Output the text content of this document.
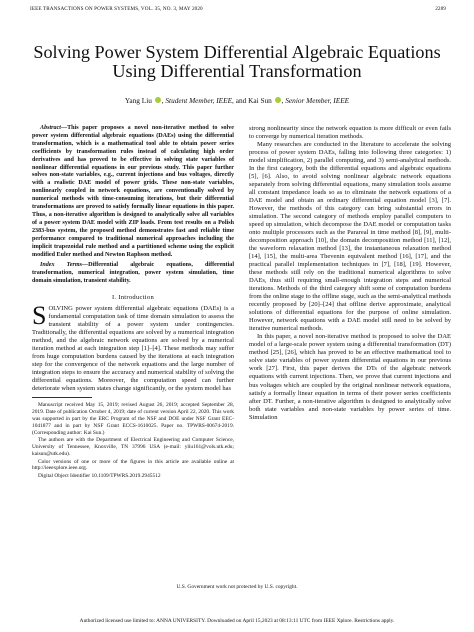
IEEE TRANSACTIONS ON POWER SYSTEMS, VOL. 35, NO. 3, MAY 2020	2289
Solving Power System Differential Algebraic Equations Using Differential Transformation
Yang Liu , Student Member, IEEE, and Kai Sun , Senior Member, IEEE

Abstract—This paper proposes a novel non-iterative method to solve power system differential algebraic equations (DAEs) using the differential transformation, which is a mathematical tool able to obtain power series coefficients by transformation rules instead of calculating high order derivatives and has proved to be effective in solving state variables of nonlinear differential equations in our previous study. This paper further solves non-state variables, e.g., current injections and bus voltages, directly with a realistic DAE model of power grids. These non-state variables, nonlinearly coupled in network equations, are conventionally solved by numerical methods with time-consuming iterations, but their differential transformations are proved to satisfy formally linear equations in this paper. Thus, a non-iterative algorithm is designed to analytically solve all variables of a power system DAE model with ZIP loads. From test results on a Polish 2383-bus system, the proposed method demonstrates fast and reliable time performance compared to traditional numerical approaches including the implicit trapezoidal rule method and a partitioned scheme using the explicit modified Euler method and Newton Raphson method.

Index Terms—Differential algebraic equations, differential transformation, numerical integration, power system simulation, time domain simulation, transient stability.

I. Introduction

SOLVING power system differential algebraic equations (DAEs) is a fundamental computation task of time domain simulation to assess the transient stability of a power system under contingencies. Traditionally, the differential equations are solved by a numerical integration method, and the algebraic network equations are solved by a numerical iteration method at each integration step [1]–[4]. These methods may suffer from huge computation burdens caused by the iterations at each integration step for the convergence of the network equations and the large number of integration steps to ensure the accuracy and numerical stability of solving the differential equations. Moreover, the computation speed can further deteriorate when system states change significantly, or the system model has

Manuscript received May 15, 2019; revised August 26, 2019; accepted September 28, 2019. Date of publication October 4, 2019; date of current version April 22, 2020. This work was supported in part by the ERC Program of the NSF and DOE under NSF Grant EEC-1041877 and in part by NSF Grant ECCS-1610025. Paper no. TPWRS-00674-2019. (Corresponding author: Kai Sun.)

The authors are with the Department of Electrical Engineering and Computer Science, University of Tennessee, Knoxville, TN 37996 USA (e-mail: yliu161@vols.utk.edu; kaisun@utk.edu).

Color versions of one or more of the figures in this article are available online at http://ieeexplore.ieee.org.

Digital Object Identifier 10.1109/TPWRS.2019.2945512

strong nonlinearity since the network equation is more difficult or even fails to converge by numerical iteration methods.

Many researches are conducted in the literature to accelerate the solving process of power system DAEs, falling into following three categories: 1) model simplification, 2) parallel computing, and 3) semi-analytical methods. In the first category, both the differential equations and algebraic equations [5], [6]. Also, to avoid solving nonlinear algebraic network equations separately from solving differential equations, many simulation tools assume all constant impedance loads so as to eliminate the network equations of a DAE model and obtain an ordinary differential equation model [3], [7]. However, the methods of this category can bring substantial errors in simulation. The second category of methods employ parallel computers to speed up simulation, which decompose the DAE model or computation tasks onto multiple processors such as the Parareal in time method [8], [9], multi-decomposition approach [10], the domain decomposition method [11], [12], the waveform relaxation method [13], the instantaneous relaxation method [14], [15], the multi-area Thevenin equivalent method [16], [17], and the practical parallel implementation techniques in [7], [18], [19]. However, these methods still rely on the traditional numerical algorithms to solve DAEs, thus still requiring small-enough integration steps and numerical iterations. Methods of the third category shift some of computation burdens from the online stage to the offline stage, such as the semi-analytical methods recently proposed by [20]–[24] that offline derive approximate, analytical solutions of differential equations for the purpose of online simulation. However, network equations with a DAE model still need to be solved by iterative numerical methods.

In this paper, a novel non-iterative method is proposed to solve the DAE model of a large-scale power system using a differential transformation (DT) method [25], [26], which has proved to be an effective mathematical tool to solve state variables of power system differential equations in our previous work [27]. First, this paper derives the DTs of the algebraic network equations with current injections. Then, we prove that current injections and bus voltages which are coupled by the original nonlinear network equations, satisfy a formally linear equation in terms of their power series coefficients after DT. Further, a non-iterative algorithm is designed to analytically solve both state variables and non-state variables by power series of time. Simulation

U.S. Government work not protected by U.S. copyright.
Authorized licensed use limited to: ANNA UNIVERSITY. Downloaded on April 15,2023 at 08:13:11 UTC from IEEE Xplore. Restrictions apply.
